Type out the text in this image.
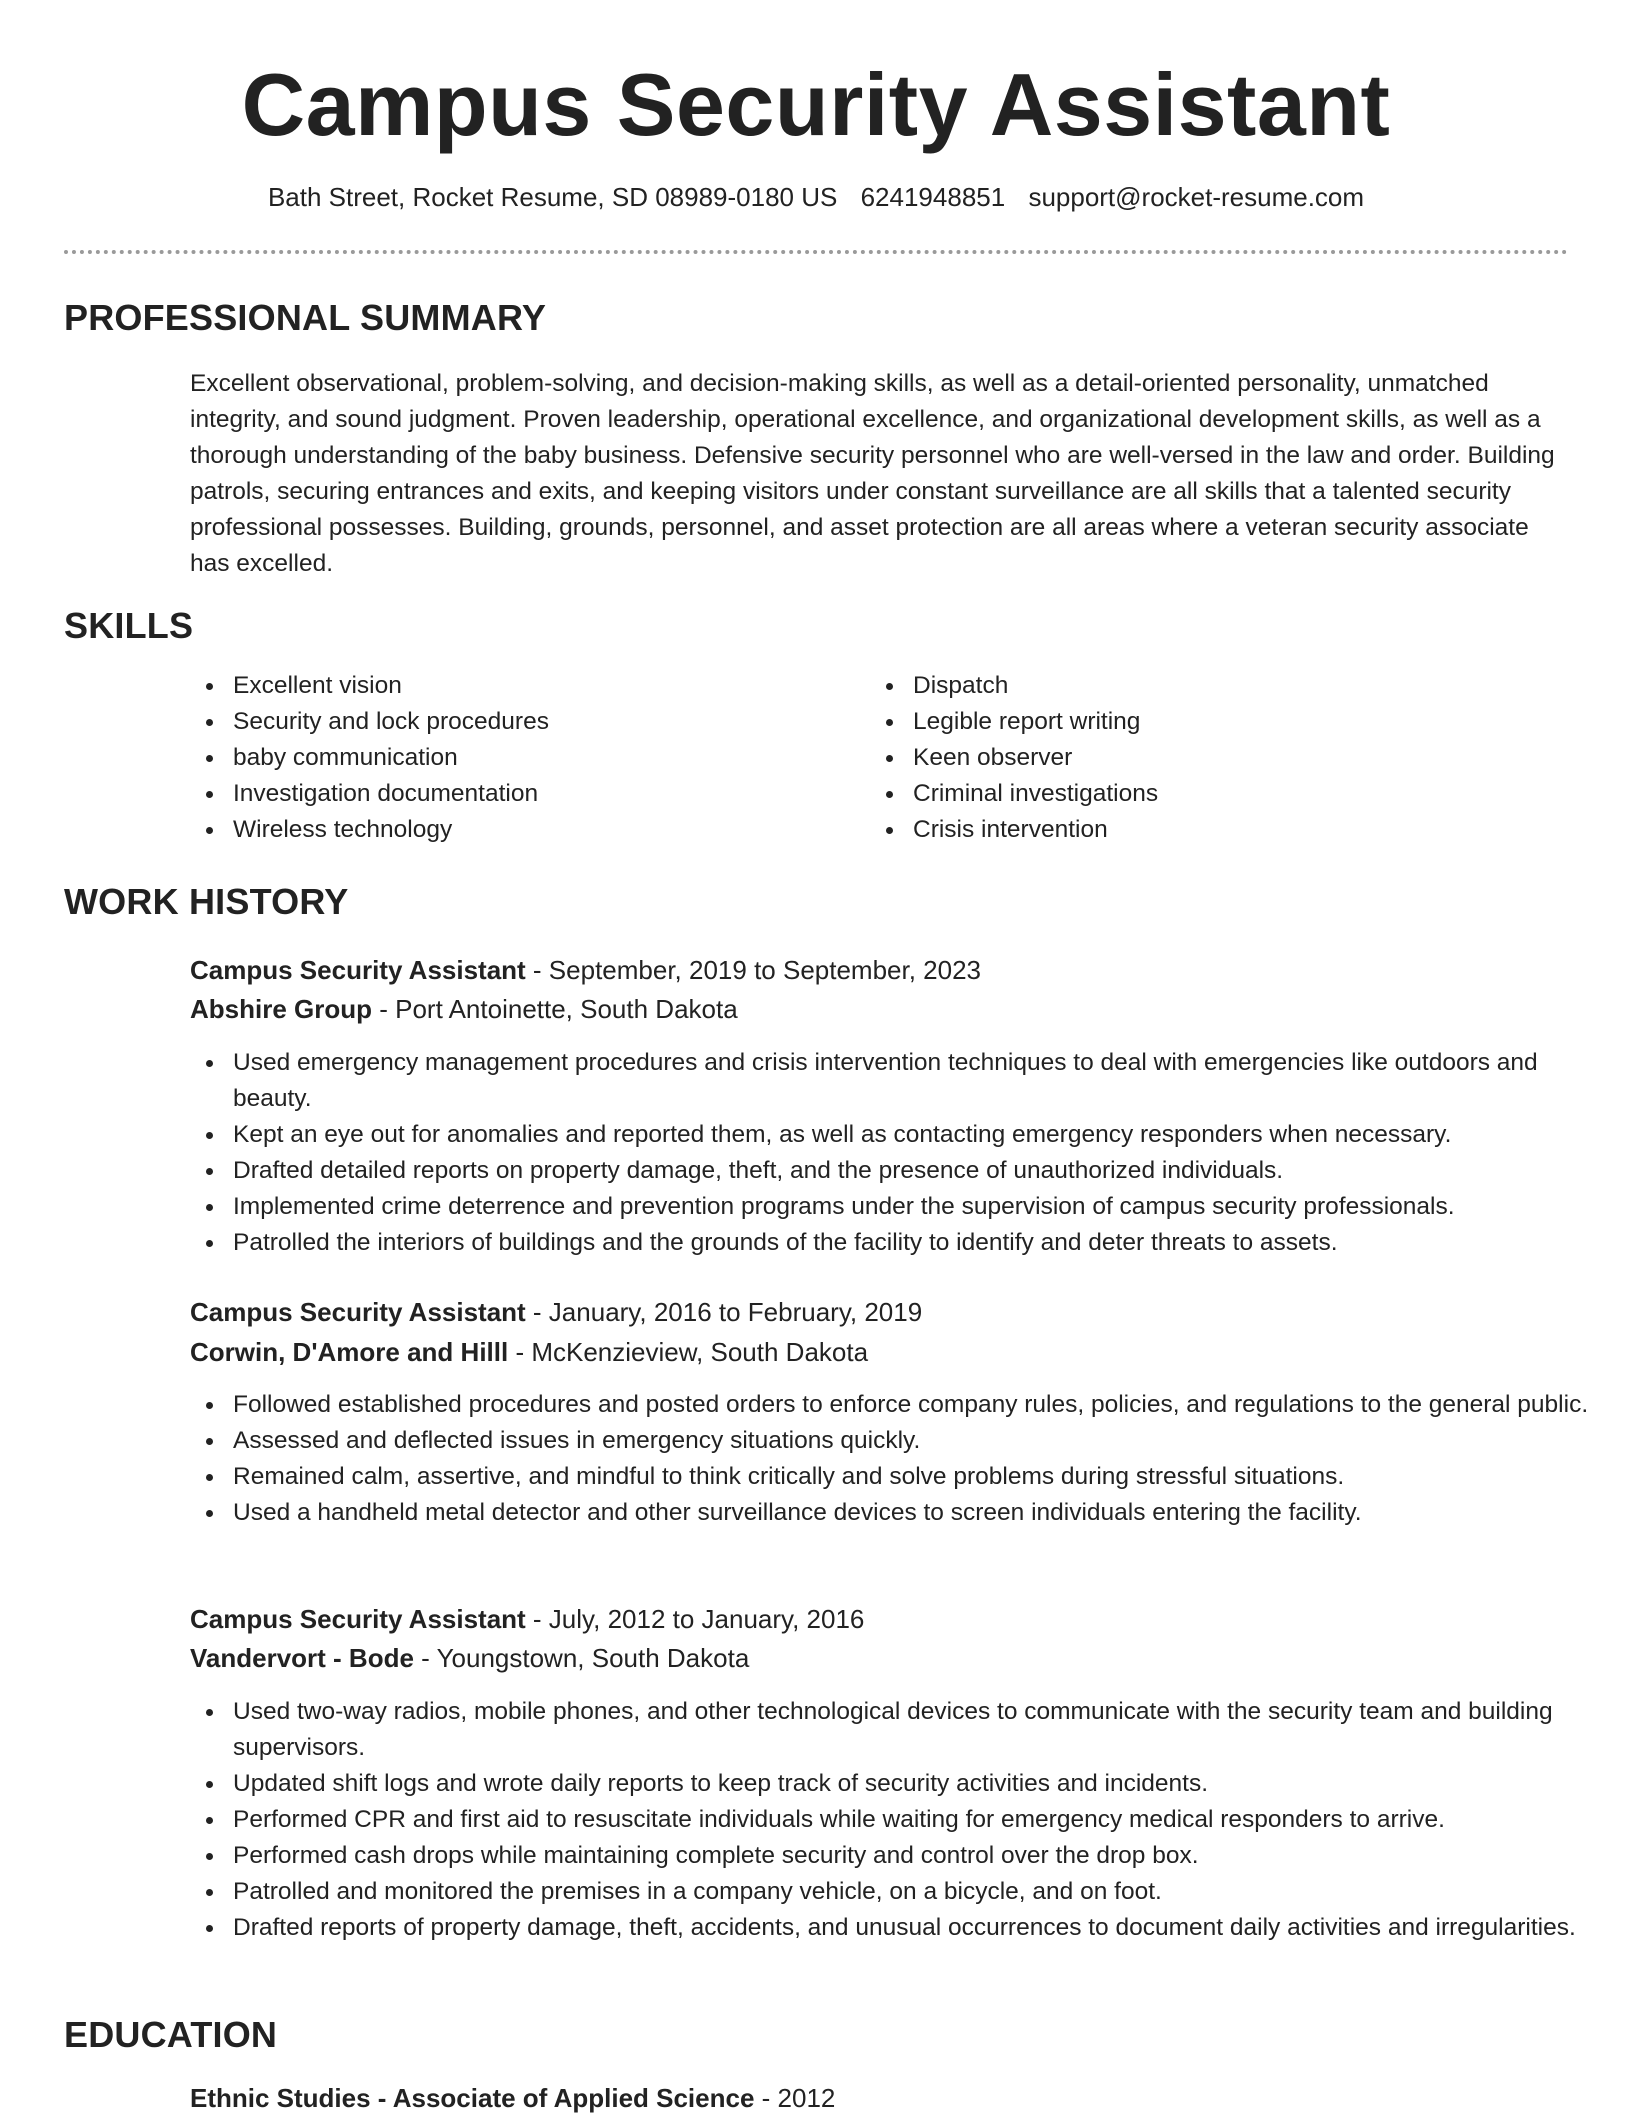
Campus Security Assistant
Bath Street, Rocket Resume, SD 08989-0180 US 6241948851 support@rocket-resume.com
PROFESSIONAL SUMMARY

Excellent observational, problem-solving, and decision-making skills, as well as a detail-oriented personality, unmatched integrity, and sound judgment. Proven leadership, operational excellence, and organizational development skills, as well as a thorough understanding of the baby business. Defensive security personnel who are well-versed in the law and order. Building patrols, securing entrances and exits, and keeping visitors under constant surveillance are all skills that a talented security professional possesses. Building, grounds, personnel, and asset protection are all areas where a veteran security associate has excelled.

SKILLS
Excellent vision
Security and lock procedures
baby communication
Investigation documentation
Wireless technology
Dispatch
Legible report writing
Keen observer
Criminal investigations
Crisis intervention
WORK HISTORY
Campus Security Assistant - September, 2019 to September, 2023
Abshire Group - Port Antoinette, South Dakota
Used emergency management procedures and crisis intervention techniques to deal with emergencies like outdoors and beauty.
Kept an eye out for anomalies and reported them, as well as contacting emergency responders when necessary.
Drafted detailed reports on property damage, theft, and the presence of unauthorized individuals.
Implemented crime deterrence and prevention programs under the supervision of campus security professionals.
Patrolled the interiors of buildings and the grounds of the facility to identify and deter threats to assets.
Campus Security Assistant - January, 2016 to February, 2019
Corwin, D'Amore and Hilll - McKenzieview, South Dakota
Followed established procedures and posted orders to enforce company rules, policies, and regulations to the general public.
Assessed and deflected issues in emergency situations quickly.
Remained calm, assertive, and mindful to think critically and solve problems during stressful situations.
Used a handheld metal detector and other surveillance devices to screen individuals entering the facility.
Campus Security Assistant - July, 2012 to January, 2016
Vandervort - Bode - Youngstown, South Dakota
Used two-way radios, mobile phones, and other technological devices to communicate with the security team and building supervisors.
Updated shift logs and wrote daily reports to keep track of security activities and incidents.
Performed CPR and first aid to resuscitate individuals while waiting for emergency medical responders to arrive.
Performed cash drops while maintaining complete security and control over the drop box.
Patrolled and monitored the premises in a company vehicle, on a bicycle, and on foot.
Drafted reports of property damage, theft, accidents, and unusual occurrences to document daily activities and irregularities.
EDUCATION
Ethnic Studies - Associate of Applied Science - 2012
